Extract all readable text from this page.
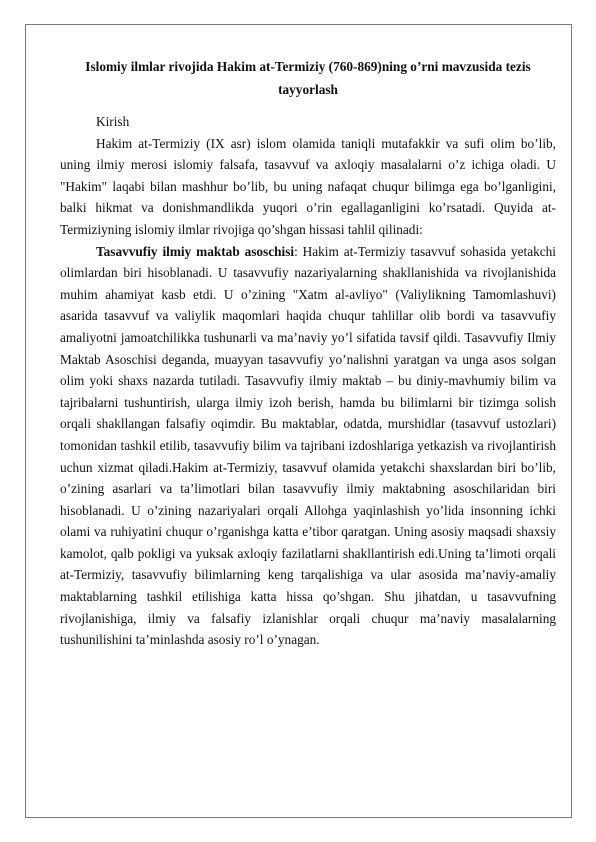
Islomiy ilmlar rivojida Hakim at-Termiziy (760-869)ning o’rni mavzusida tezis tayyorlash

Kirish

Hakim at-Termiziy (IX asr) islom olamida taniqli mutafakkir va sufi olim bo’lib, uning ilmiy merosi islomiy falsafa, tasavvuf va axloqiy masalalarni o’z ichiga oladi. U "Hakim" laqabi bilan mashhur bo’lib, bu uning nafaqat chuqur bilimga ega bo’lganligini, balki hikmat va donishmandlikda yuqori o’rin egallaganligini ko’rsatadi. Quyida at-Termiziyning islomiy ilmlar rivojiga qo’shgan hissasi tahlil qilinadi:

Tasavvufiy ilmiy maktab asoschisi: Hakim at-Termiziy tasavvuf sohasida yetakchi olimlardan biri hisoblanadi. U tasavvufiy nazariyalarning shakllanishida va rivojlanishida muhim ahamiyat kasb etdi. U o’zining "Xatm al-avliyo" (Valiylikning Tamomlashuvi) asarida tasavvuf va valiylik maqomlari haqida chuqur tahlillar olib bordi va tasavvufiy amaliyotni jamoatchilikka tushunarli va ma’naviy yo’l sifatida tavsif qildi. Tasavvufiy Ilmiy Maktab Asoschisi deganda, muayyan tasavvufiy yo’nalishni yaratgan va unga asos solgan olim yoki shaxs nazarda tutiladi. Tasavvufiy ilmiy maktab – bu diniy-mavhumiy bilim va tajribalarni tushuntirish, ularga ilmiy izoh berish, hamda bu bilimlarni bir tizimga solish orqali shakllangan falsafiy oqimdir. Bu maktablar, odatda, murshidlar (tasavvuf ustozlari) tomonidan tashkil etilib, tasavvufiy bilim va tajribani izdoshlariga yetkazish va rivojlantirish uchun xizmat qiladi.Hakim at-Termiziy, tasavvuf olamida yetakchi shaxslardan biri bo’lib, o’zining asarlari va ta’limotlari bilan tasavvufiy ilmiy maktabning asoschilaridan biri hisoblanadi. U o’zining nazariyalari orqali Allohga yaqinlashish yo’lida insonning ichki olami va ruhiyatini chuqur o’rganishga katta e’tibor qaratgan. Uning asosiy maqsadi shaxsiy kamolot, qalb pokligi va yuksak axloqiy fazilatlarni shakllantirish edi.Uning ta’limoti orqali at-Termiziy, tasavvufiy bilimlarning keng tarqalishiga va ular asosida ma’naviy-amaliy maktablarning tashkil etilishiga katta hissa qo’shgan. Shu jihatdan, u tasavvufning rivojlanishiga, ilmiy va falsafiy izlanishlar orqali chuqur ma’naviy masalalarning tushunilishini ta’minlashda asosiy ro’l o’ynagan.
